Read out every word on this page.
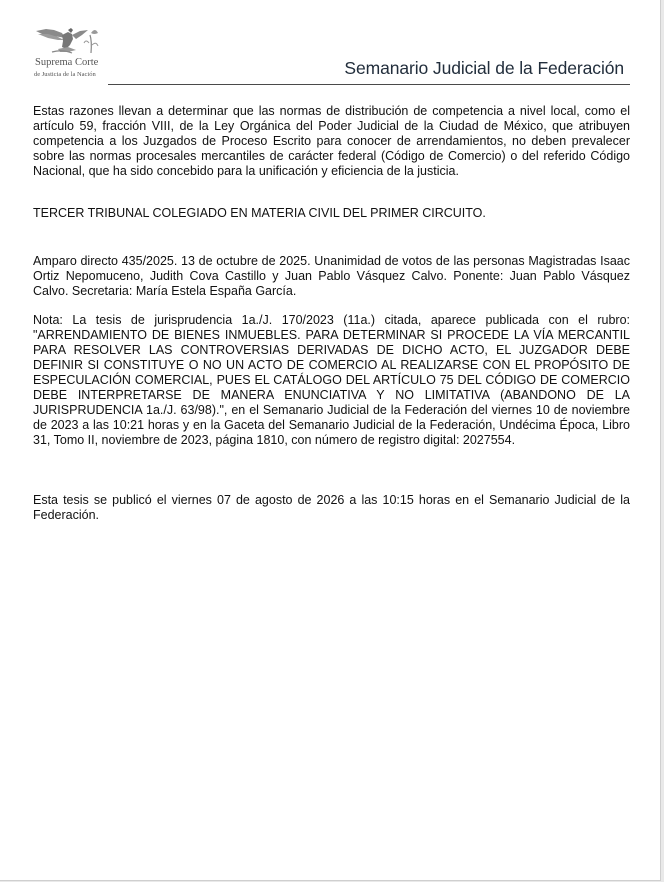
Suprema Corte
de Justicia de la Nación	Semanario Judicial de la Federación

Estas razones llevan a determinar que las normas de distribución de competencia a nivel local, como el artículo 59, fracción VIII, de la Ley Orgánica del Poder Judicial de la Ciudad de México, que atribuyen competencia a los Juzgados de Proceso Escrito para conocer de arrendamientos, no deben prevalecer sobre las normas procesales mercantiles de carácter federal (Código de Comercio) o del referido Código Nacional, que ha sido concebido para la unificación y eficiencia de la justicia.

TERCER TRIBUNAL COLEGIADO EN MATERIA CIVIL DEL PRIMER CIRCUITO.

Amparo directo 435/2025. 13 de octubre de 2025. Unanimidad de votos de las personas Magistradas Isaac Ortiz Nepomuceno, Judith Cova Castillo y Juan Pablo Vásquez Calvo. Ponente: Juan Pablo Vásquez Calvo. Secretaria: María Estela España García.

Nota: La tesis de jurisprudencia 1a./J. 170/2023 (11a.) citada, aparece publicada con el rubro: "ARRENDAMIENTO DE BIENES INMUEBLES. PARA DETERMINAR SI PROCEDE LA VÍA MERCANTIL PARA RESOLVER LAS CONTROVERSIAS DERIVADAS DE DICHO ACTO, EL JUZGADOR DEBE DEFINIR SI CONSTITUYE O NO UN ACTO DE COMERCIO AL REALIZARSE CON EL PROPÓSITO DE ESPECULACIÓN COMERCIAL, PUES EL CATÁLOGO DEL ARTÍCULO 75 DEL CÓDIGO DE COMERCIO DEBE INTERPRETARSE DE MANERA ENUNCIATIVA Y NO LIMITATIVA (ABANDONO DE LA JURISPRUDENCIA 1a./J. 63/98).", en el Semanario Judicial de la Federación del viernes 10 de noviembre de 2023 a las 10:21 horas y en la Gaceta del Semanario Judicial de la Federación, Undécima Época, Libro 31, Tomo II, noviembre de 2023, página 1810, con número de registro digital: 2027554.

Esta tesis se publicó el viernes 07 de agosto de 2026 a las 10:15 horas en el Semanario Judicial de la Federación.
